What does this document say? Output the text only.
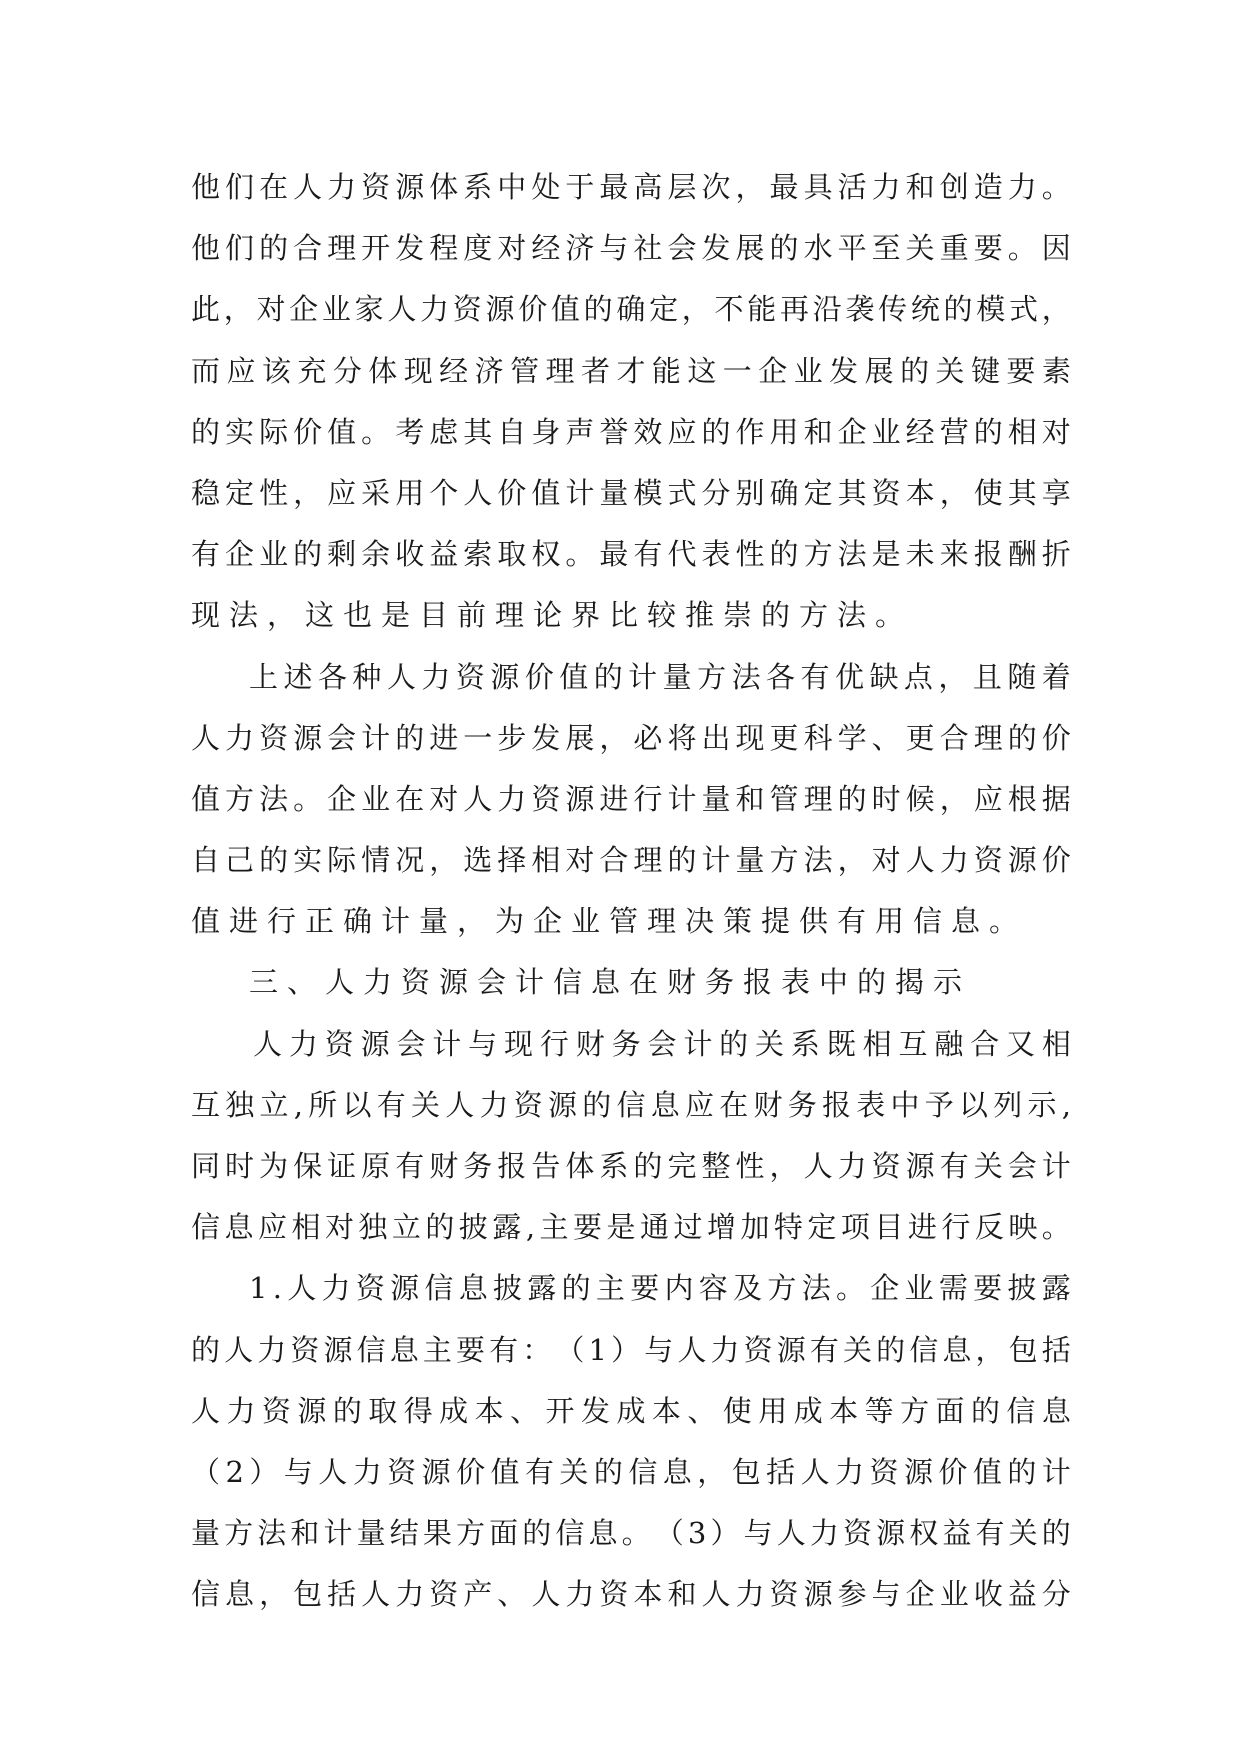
他 们 在 人 力 资 源 体 系 中 处 于 最 高 层 次 ， 最 具 活 力 和 创 造 力 。
他 们 的 合 理 开 发 程 度 对 经 济 与 社 会 发 展 的 水 平 至 关 重 要 。 因
此 ， 对 企 业 家 人 力 资 源 价 值 的 确 定 ， 不 能 再 沿 袭 传 统 的 模 式 ，
而 应 该 充 分 体 现 经 济 管 理 者 才 能 这 一 企 业 发 展 的 关 键 要 素
的 实 际 价 值 。 考 虑 其 自 身 声 誉 效 应 的 作 用 和 企 业 经 营 的 相 对
稳 定 性 ， 应 采 用 个 人 价 值 计 量 模 式 分 别 确 定 其 资 本 ， 使 其 享
有 企 业 的 剩 余 收 益 索 取 权 。 最 有 代 表 性 的 方 法 是 未 来 报 酬 折
现法，这也是目前理论界比较推崇的方法。
上 述 各 种 人 力 资 源 价 值 的 计 量 方 法 各 有 优 缺 点 ， 且 随 着
人 力 资 源 会 计 的 进 一 步 发 展 ， 必 将 出 现 更 科 学 、 更 合 理 的 价
值 方 法 。 企 业 在 对 人 力 资 源 进 行 计 量 和 管 理 的 时 候 ， 应 根 据
自 己 的 实 际 情 况 ， 选 择 相 对 合 理 的 计 量 方 法 ， 对 人 力 资 源 价
值进行正确计量，为企业管理决策提供有用信息。
三、人力资源会计信息在财务报表中的揭示
人 力 资 源 会 计 与 现 行 财 务 会 计 的 关 系 既 相 互 融 合 又 相
互 独 立 , 所 以 有 关 人 力 资 源 的 信 息 应 在 财 务 报 表 中 予 以 列 示 ,
同 时 为 保 证 原 有 财 务 报 告 体 系 的 完 整 性 ， 人 力 资 源 有 关 会 计
信 息 应 相 对 独 立 的 披 露 , 主 要 是 通 过 增 加 特 定 项 目 进 行 反 映 。
1 . 人 力 资 源 信 息 披 露 的 主 要 内 容 及 方 法 。 企 业 需 要 披 露
的 人 力 资 源 信 息 主 要 有 ： （ 1 ） 与 人 力 资 源 有 关 的 信 息 ， 包 括
人 力 资 源 的 取 得 成 本 、 开 发 成 本 、 使 用 成 本 等 方 面 的 信 息
（ 2 ） 与 人 力 资 源 价 值 有 关 的 信 息 ， 包 括 人 力 资 源 价 值 的 计
量 方 法 和 计 量 结 果 方 面 的 信 息 。 （ 3 ） 与 人 力 资 源 权 益 有 关 的
信 息 ， 包 括 人 力 资 产 、 人 力 资 本 和 人 力 资 源 参 与 企 业 收 益 分
